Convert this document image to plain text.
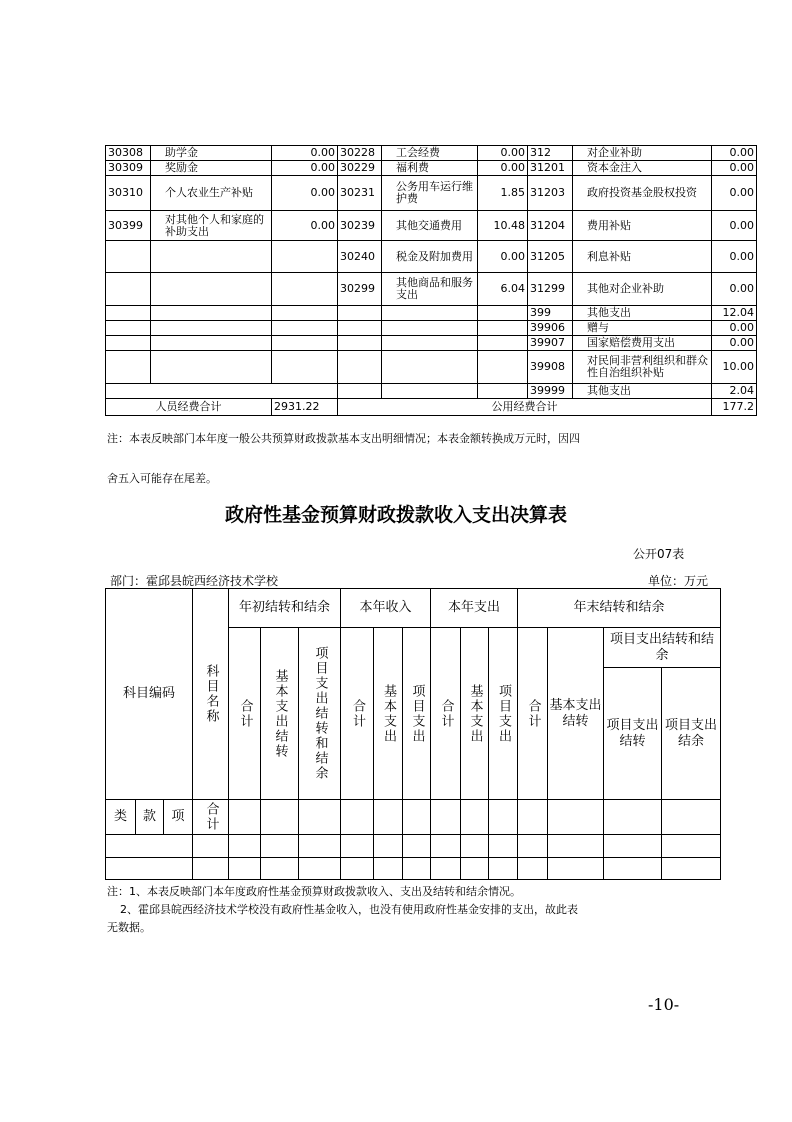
30308	助学金	0.00	30228	工会经费	0.00	312	对企业补助	0.00
30309	奖励金	0.00	30229	福利费	0.00	31201	资本金注入	0.00
30310	个人农业生产补贴	0.00	30231	公务用车运行维护费	1.85	31203	政府投资基金股权投资	0.00
30399	对其他个人和家庭的补助支出	0.00	30239	其他交通费用	10.48	31204	费用补贴	0.00
			30240	税金及附加费用	0.00	31205	利息补贴	0.00
			30299	其他商品和服务支出	6.04	31299	其他对企业补助	0.00
						399	其他支出	12.04
						39906	赠与	0.00
						39907	国家赔偿费用支出	0.00
						39908	对民间非营利组织和群众性自治组织补贴	10.00
						39999	其他支出	2.04
人员经费合计		2931.22	公用经费合计					177.2
注：本表反映部门本年度一般公共预算财政拨款基本支出明细情况；本表金额转换成万元时，因四
舍五入可能存在尾差。
政府性基金预算财政拨款收入支出决算表
公开07表
部门：霍邱县皖西经济技术学校	单位：万元
科目编码			科目名称	年初结转和结余			本年收入			本年支出			年末结转和结余			

				合计	基本支出结转	项目支出结转和结余	合计	基本支出	项目支出	合计	基本支出	项目支出	合计	基本支出结转	项目支出结转和结余	
															项目支出结转	项目支出结余
类	款	项	合计													

注：1、本表反映部门本年度政府性基金预算财政拨款收入、支出及结转和结余情况。
2、霍邱县皖西经济技术学校没有政府性基金收入，也没有使用政府性基金安排的支出，故此表
无数据。
-10-
